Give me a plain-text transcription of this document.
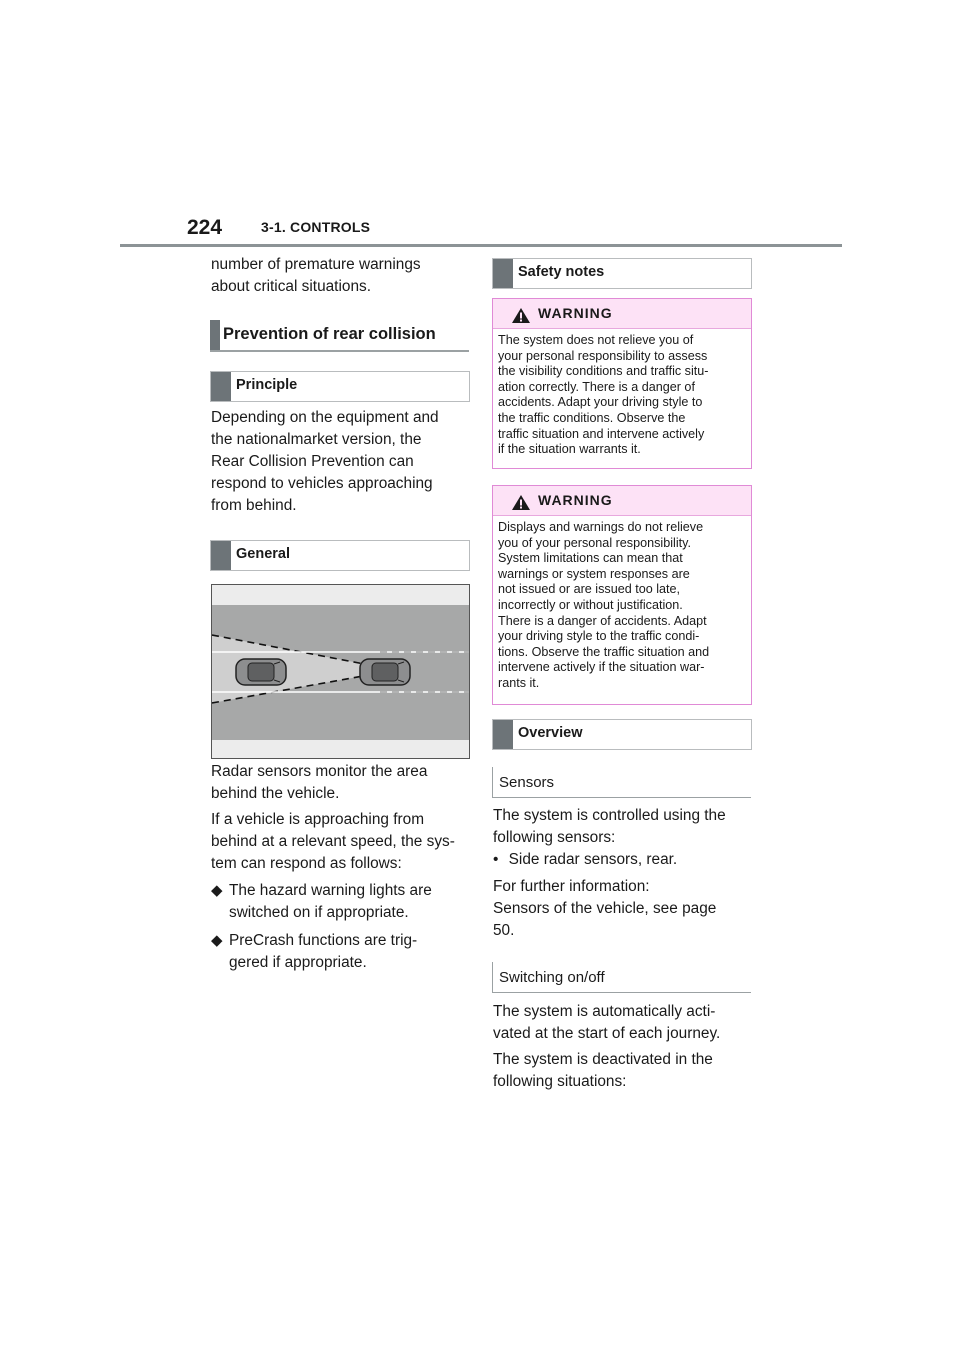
224	3-1. CONTROLS
number of premature warnings
about critical situations.
Prevention of rear collision
Principle
Depending on the equipment and
the nationalmarket version, the
Rear Collision Prevention can
respond to vehicles approaching
from behind.
General
Radar sensors monitor the area
behind the vehicle.
If a vehicle is approaching from
behind at a relevant speed, the sys-
tem can respond as follows:
◆ The hazard warning lights are
switched on if appropriate.
◆ PreCrash functions are trig-
gered if appropriate.
Safety notes
WARNING
The system does not relieve you of
your personal responsibility to assess
the visibility conditions and traffic situ-
ation correctly. There is a danger of
accidents. Adapt your driving style to
the traffic conditions. Observe the
traffic situation and intervene actively
if the situation warrants it.
WARNING
Displays and warnings do not relieve
you of your personal responsibility.
System limitations can mean that
warnings or system responses are
not issued or are issued too late,
incorrectly or without justification.
There is a danger of accidents. Adapt
your driving style to the traffic condi-
tions. Observe the traffic situation and
intervene actively if the situation war-
rants it.
Overview
Sensors
The system is controlled using the
following sensors:
• Side radar sensors, rear.
For further information:
Sensors of the vehicle, see page
50.
Switching on/off
The system is automatically acti-
vated at the start of each journey.
The system is deactivated in the
following situations:
